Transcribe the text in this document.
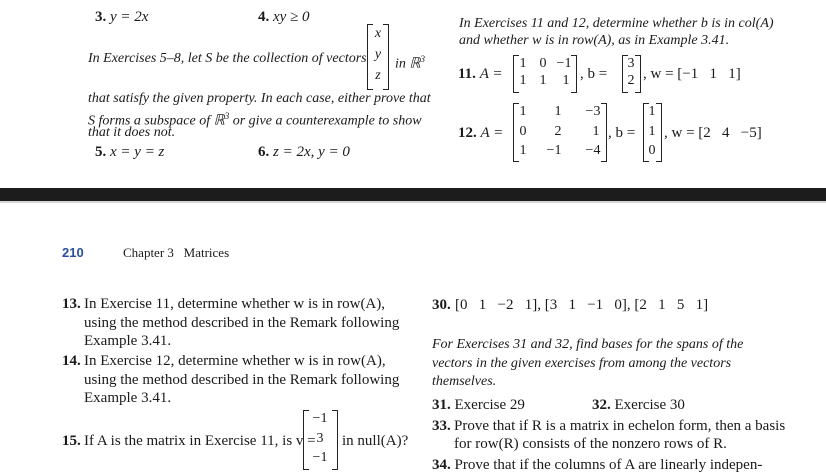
3. y = 2x	4. xy ≥ 0
In Exercises 5–8, let S be the collection of vectors
x
y
z
in ℝ$^3$
that satisfy the given property. In each case, either prove that
S forms a subspace of ℝ$^3$ or give a counterexample to show
that it does not.
5. x = y = z	6. z = 2x, y = 0
In Exercises 11 and 12, determine whether b is in col(A)
and whether w is in row(A), as in Example 3.41.
11. A =
1 0 −1
1 1 1 , b =
3
2 , w = [−1   1   1]
12. A =
1 1 −3
0 2 1
1 −1 −4
, b =
1
1
0
, w = [2   4   −5]
210	Chapter 3   Matrices
13. In Exercise 11, determine whether w is in row(A),
using the method described in the Remark following
Example 3.41.
14. In Exercise 12, determine whether w is in row(A),
using the method described in the Remark following
Example 3.41.
15. If A is the matrix in Exercise 11, is v =
−1
3
−1
in null(A)?
30. [0   1   −2   1], [3   1   −1   0], [2   1   5   1]
For Exercises 31 and 32, find bases for the spans of the
vectors in the given exercises from among the vectors
themselves.
31. Exercise 29	32. Exercise 30
33. Prove that if R is a matrix in echelon form, then a basis
for row(R) consists of the nonzero rows of R.
34. Prove that if the columns of A are linearly indepen-
